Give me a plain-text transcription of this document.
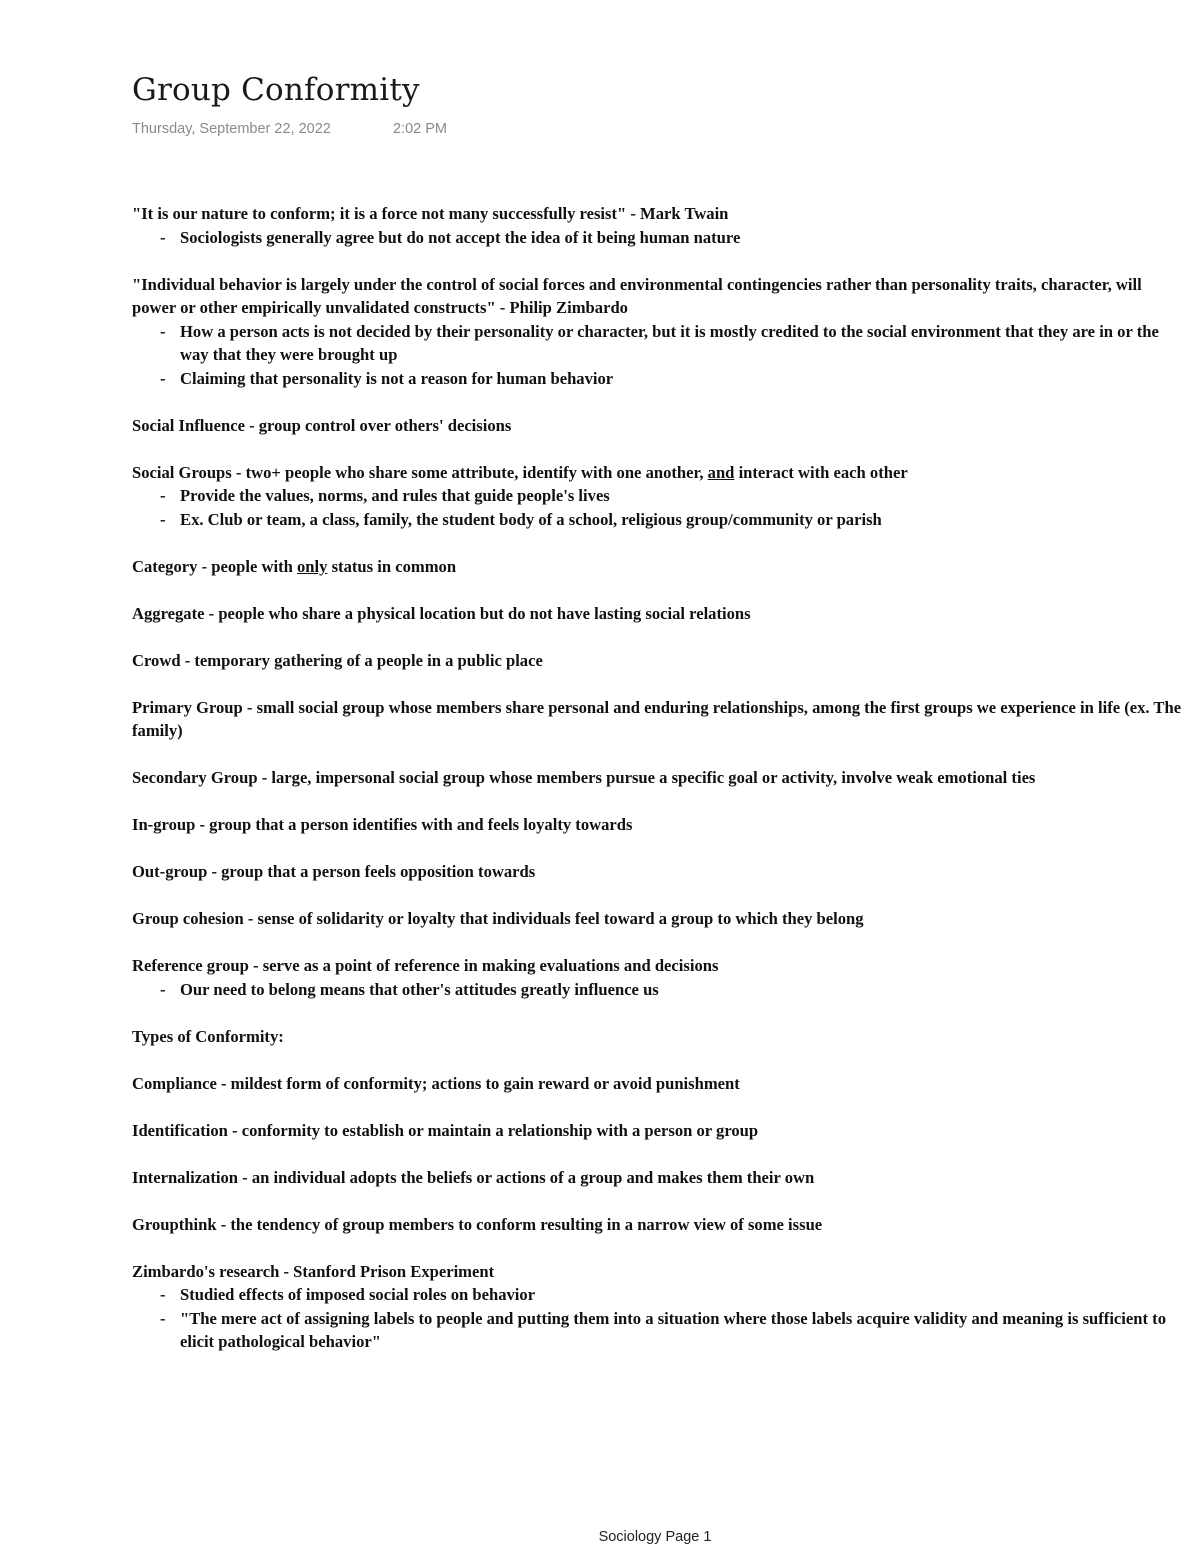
Group Conformity
Thursday, September 22, 2022	2:02 PM

"It is our nature to conform; it is a force not many successfully resist" - Mark Twain

- Sociologists generally agree but do not accept the idea of it being human nature

"Individual behavior is largely under the control of social forces and environmental contingencies rather than personality traits, character, will power or other empirically unvalidated constructs" - Philip Zimbardo

- How a person acts is not decided by their personality or character, but it is mostly credited to the social environment that they are in or the way that they were brought up
- Claiming that personality is not a reason for human behavior

Social Influence - group control over others' decisions

Social Groups - two+ people who share some attribute, identify with one another, and interact with each other

- Provide the values, norms, and rules that guide people's lives
- Ex. Club or team, a class, family, the student body of a school, religious group/community or parish

Category - people with only status in common

Aggregate - people who share a physical location but do not have lasting social relations

Crowd - temporary gathering of a people in a public place

Primary Group - small social group whose members share personal and enduring relationships, among the first groups we experience in life (ex. The family)

Secondary Group - large, impersonal social group whose members pursue a specific goal or activity, involve weak emotional ties

In-group - group that a person identifies with and feels loyalty towards

Out-group - group that a person feels opposition towards

Group cohesion - sense of solidarity or loyalty that individuals feel toward a group to which they belong

Reference group - serve as a point of reference in making evaluations and decisions

- Our need to belong means that other's attitudes greatly influence us

Types of Conformity:

Compliance - mildest form of conformity; actions to gain reward or avoid punishment

Identification - conformity to establish or maintain a relationship with a person or group

Internalization - an individual adopts the beliefs or actions of a group and makes them their own

Groupthink - the tendency of group members to conform resulting in a narrow view of some issue

Zimbardo's research - Stanford Prison Experiment

- Studied effects of imposed social roles on behavior
- "The mere act of assigning labels to people and putting them into a situation where those labels acquire validity and meaning is sufficient to elicit pathological behavior"
Sociology Page 1
